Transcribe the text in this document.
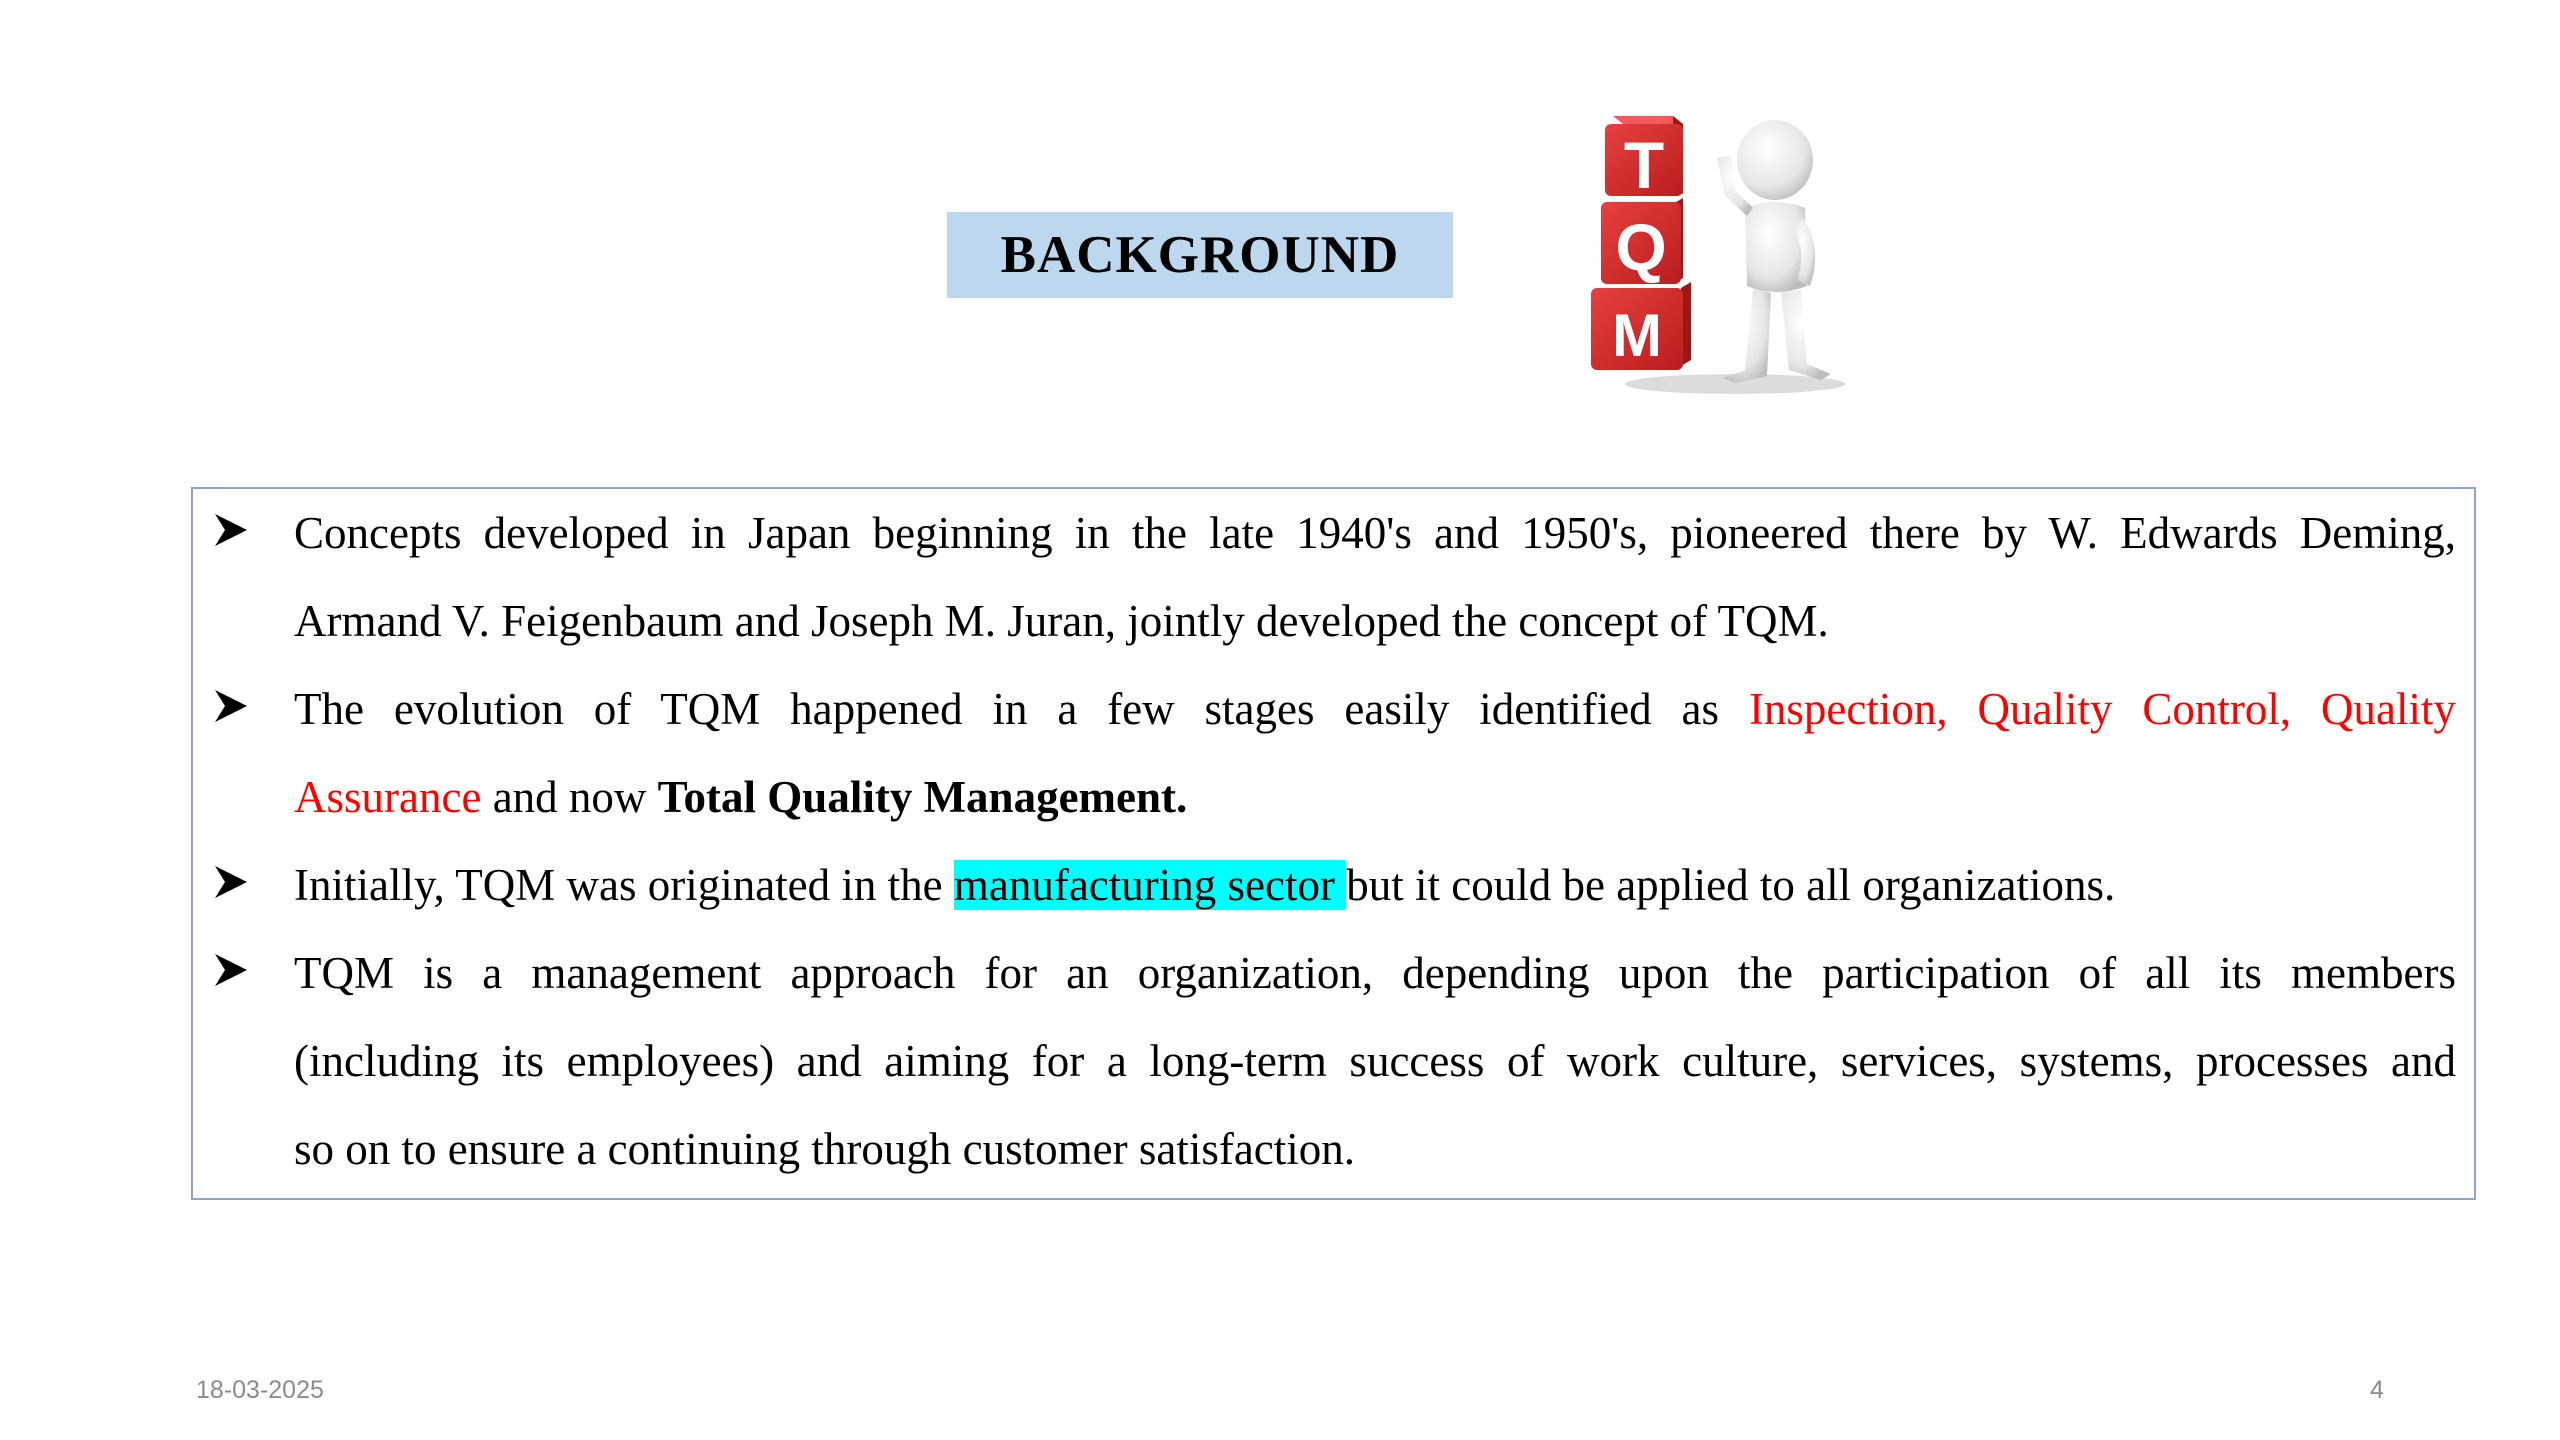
BACKGROUND
T
Q
M
Concepts developed in Japan beginning in the late 1940's and 1950's, pioneered there by W. Edwards Deming,
Armand V. Feigenbaum and Joseph M. Juran, jointly developed the concept of TQM.
The evolution of TQM happened in a few stages easily identified as Inspection, Quality Control, Quality
Assurance and now Total Quality Management.
Initially, TQM was originated in the manufacturing sector but it could be applied to all organizations.
TQM is a management approach for an organization, depending upon the participation of all its members
(including its employees) and aiming for a long-term success of work culture, services, systems, processes and
so on to ensure a continuing through customer satisfaction.
18-03-2025	4
